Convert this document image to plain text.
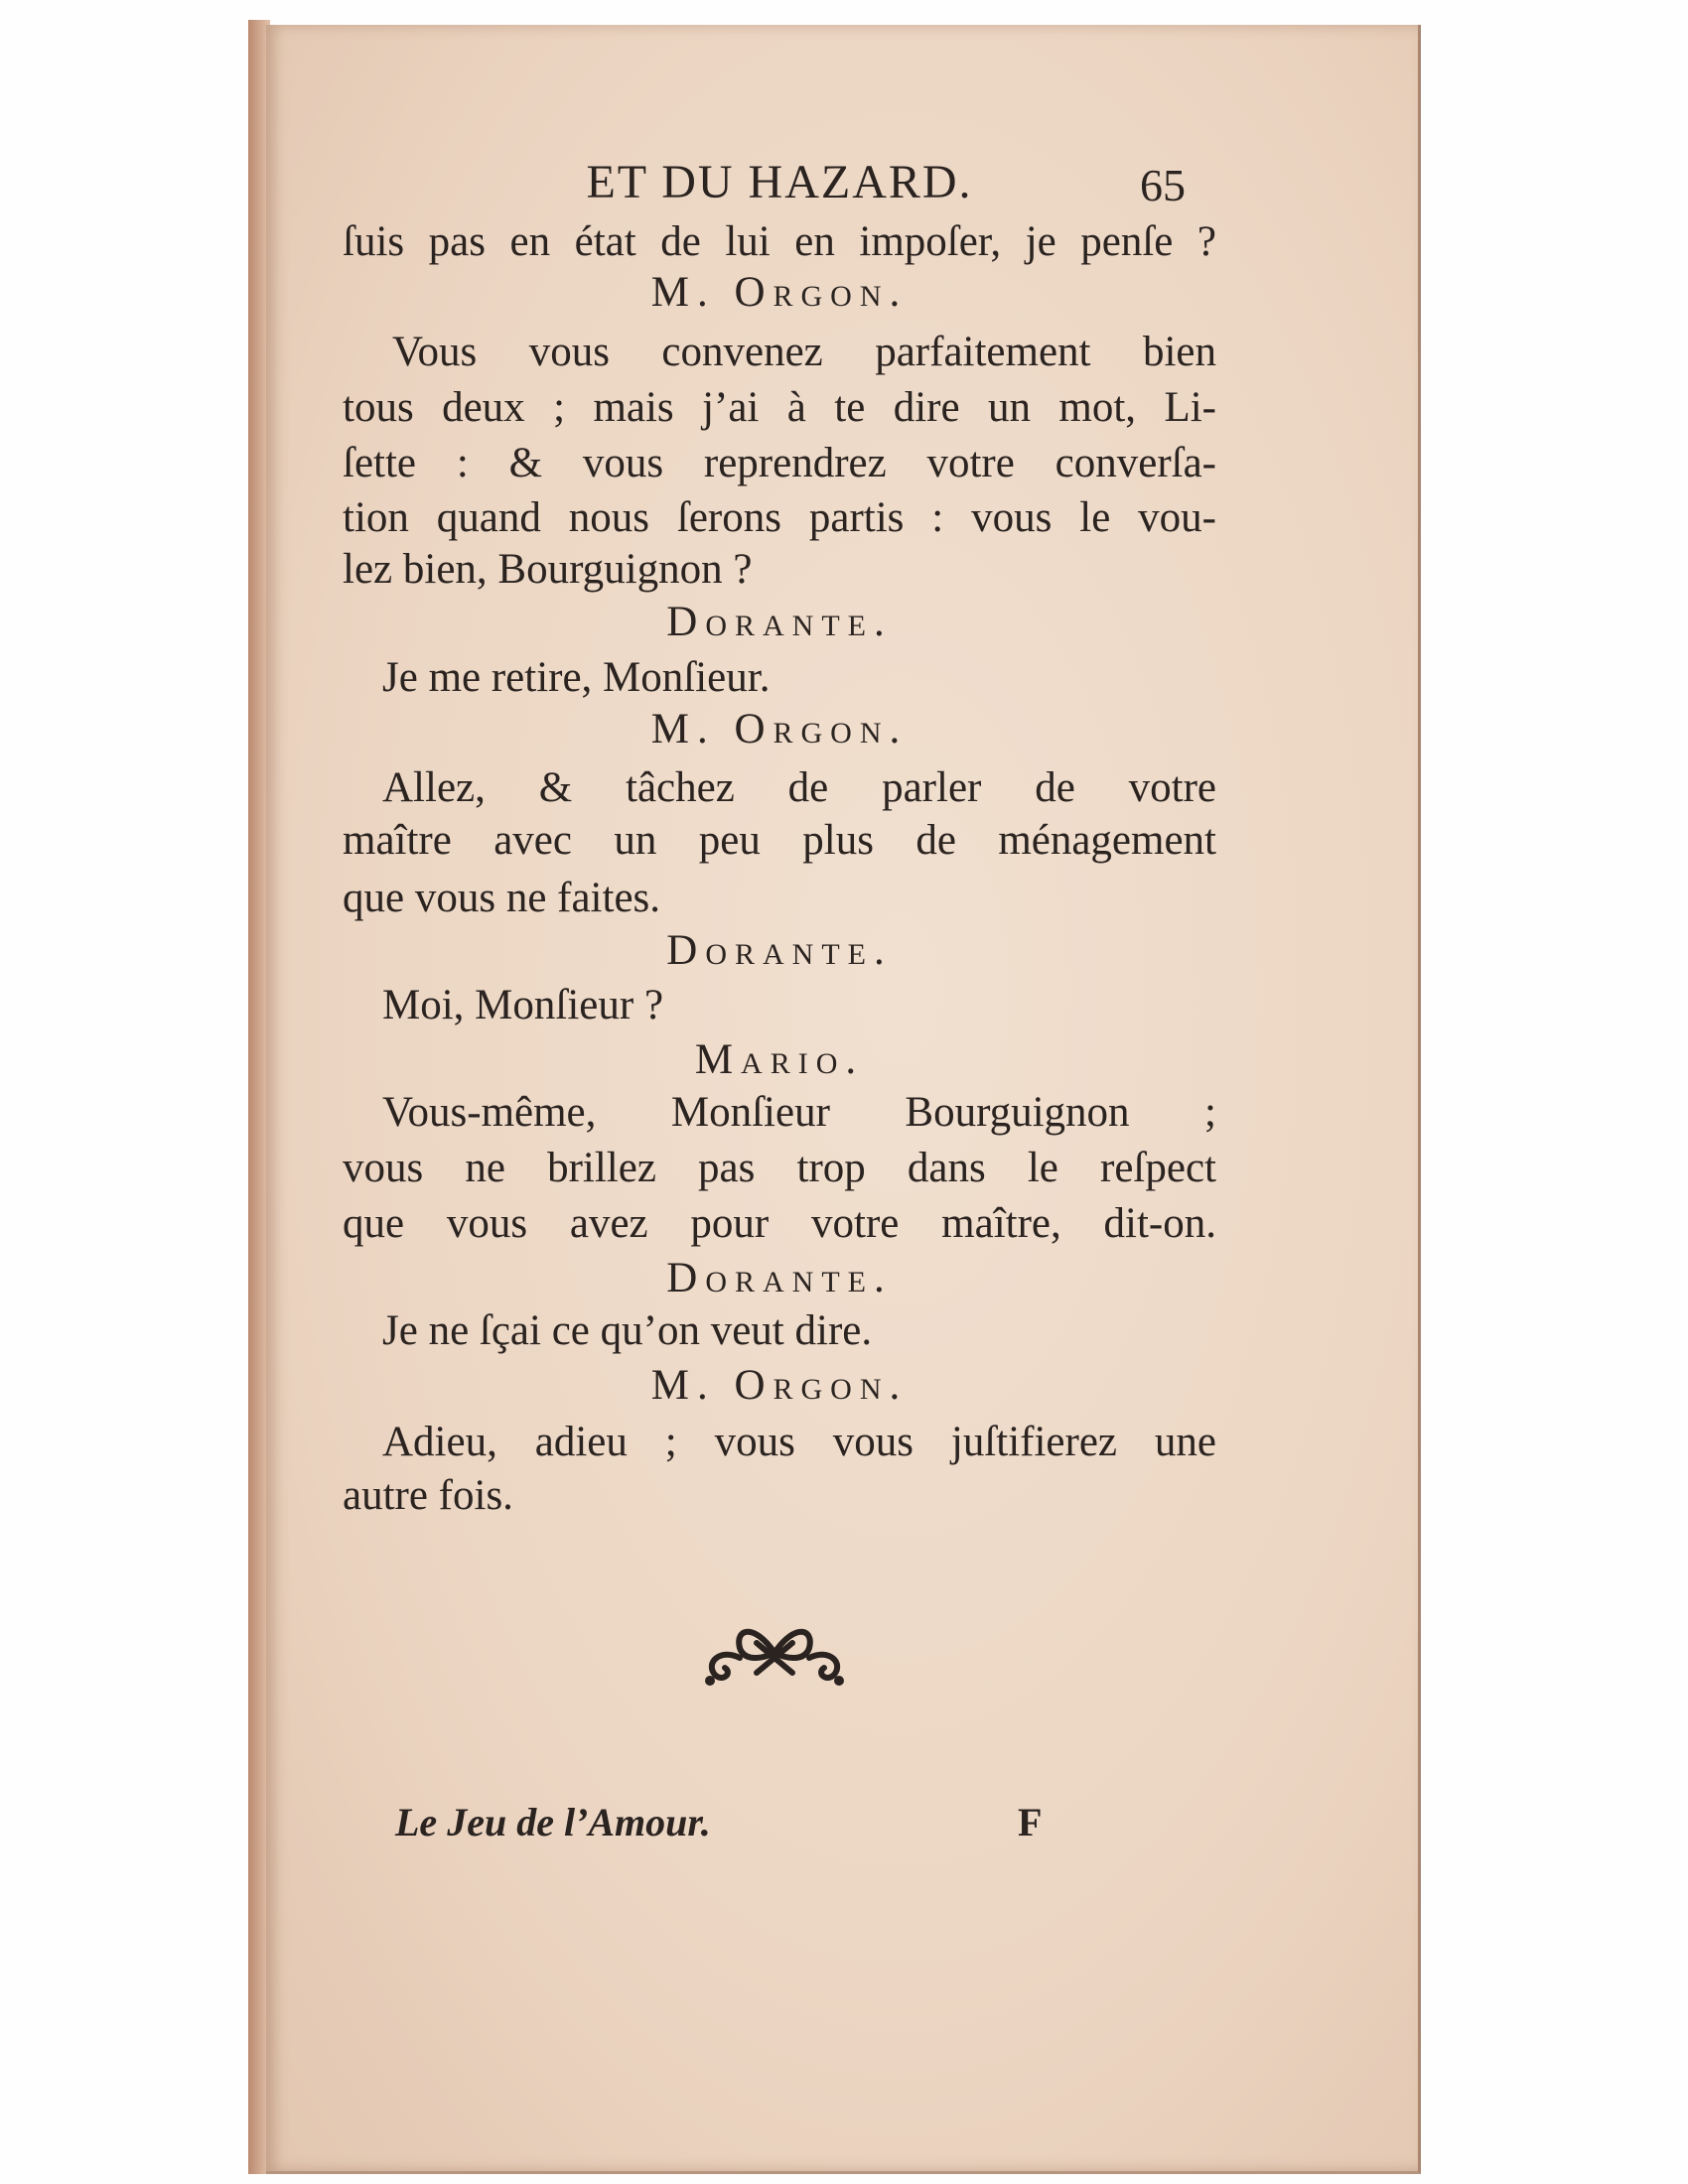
ET DU HAZARD.	65
ſuis pas en état de lui en impoſer, je penſe ?
M. Orgon.
Vous vous convenez parfaitement bien
tous deux ; mais j’ai à te dire un mot, Li-
ſette : & vous reprendrez votre converſa-
tion quand nous ſerons partis : vous le vou-
lez bien, Bourguignon ?
Dorante.
Je me retire, Monſieur.
M. Orgon.
Allez, & tâchez de parler de votre
maître avec un peu plus de ménagement
que vous ne faites.
Dorante.
Moi, Monſieur ?
Mario.
Vous-même, Monſieur Bourguignon ;
vous ne brillez pas trop dans le reſpect
que vous avez pour votre maître, dit-on.
Dorante.
Je ne ſçai ce qu’on veut dire.
M. Orgon.
Adieu, adieu ; vous vous juſtifierez une
autre fois.
Le Jeu de l’Amour.	F
